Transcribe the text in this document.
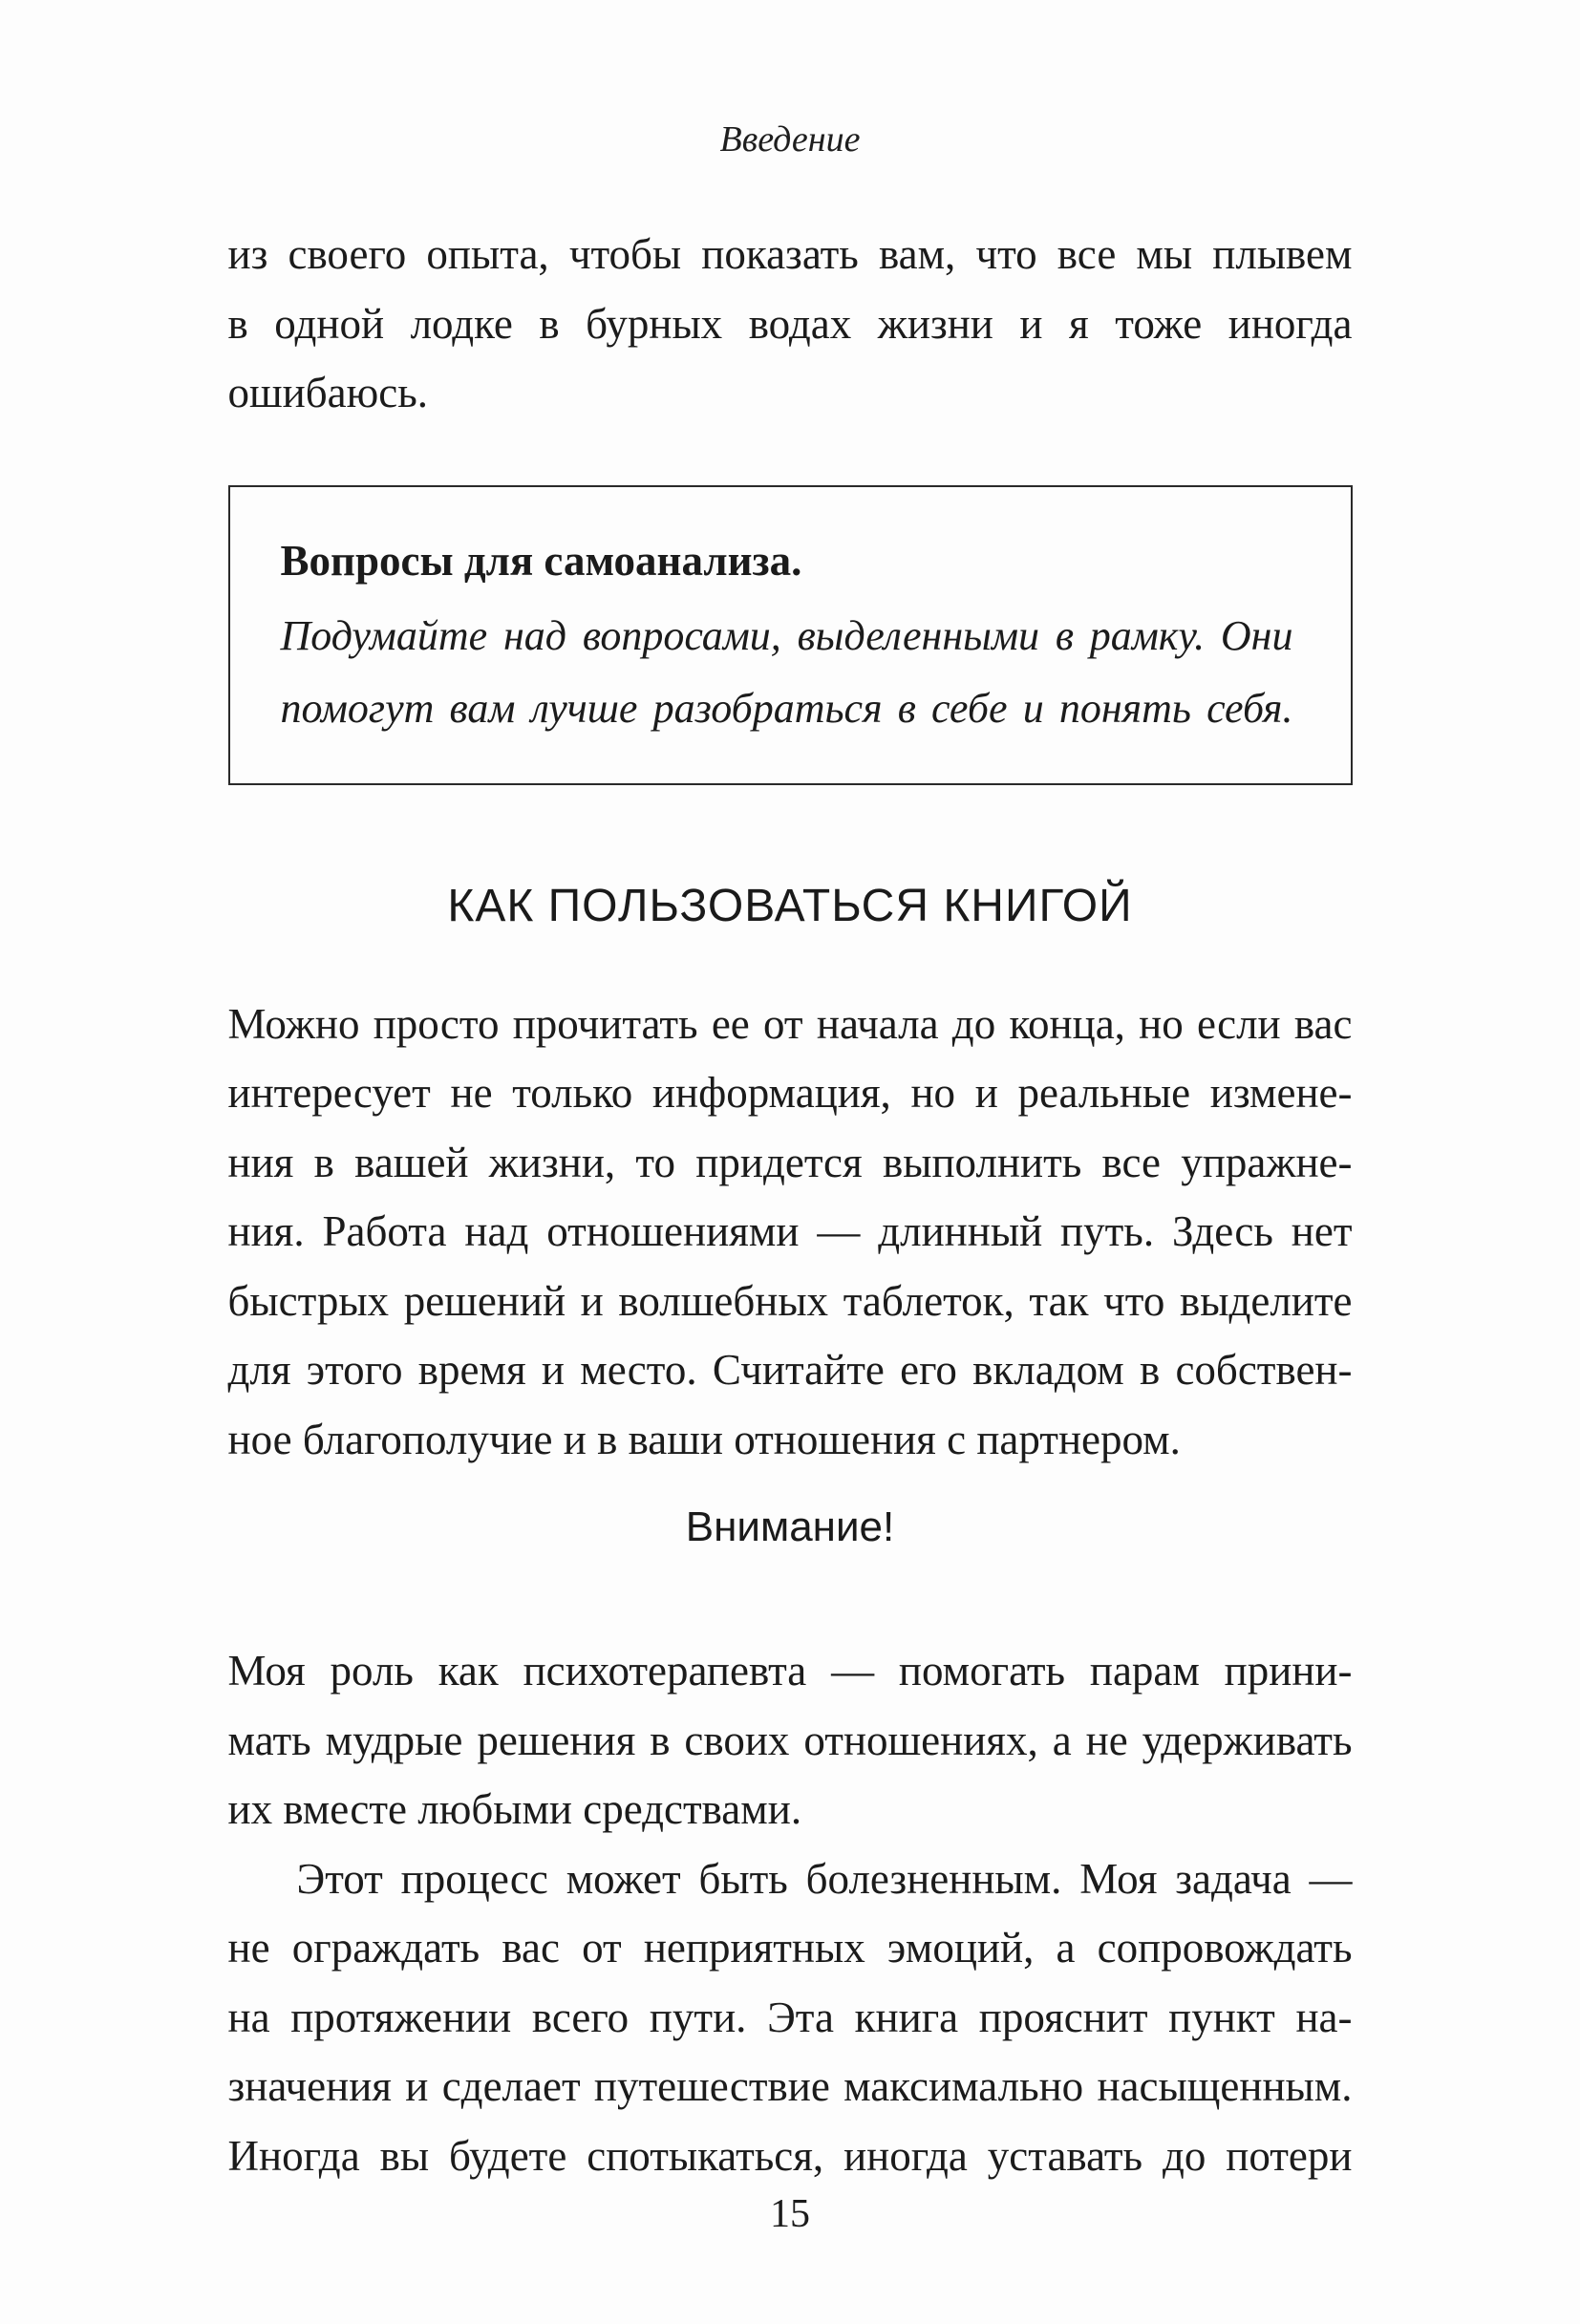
Введение
из своего опыта, чтобы показать вам, что все мы плывем
в одной лодке в бурных водах жизни и я тоже иногда
ошибаюсь.
Вопросы для самоанализа.
Подумайте над вопросами, выделенными в рамку. Они
помогут вам лучше разобраться в себе и понять себя.
КАК ПОЛЬЗОВАТЬСЯ КНИГОЙ
Можно просто прочитать ее от начала до конца, но если вас
интересует не только информация, но и реальные измене-
ния в вашей жизни, то придется выполнить все упражне-
ния. Работа над отношениями — длинный путь. Здесь нет
быстрых решений и волшебных таблеток, так что выделите
для этого время и место. Считайте его вкладом в собствен-
ное благополучие и в ваши отношения с партнером.
Внимание!
Моя роль как психотерапевта — помогать парам прини-
мать мудрые решения в своих отношениях, а не удерживать
их вместе любыми средствами.
Этот процесс может быть болезненным. Моя задача —
не ограждать вас от неприятных эмоций, а сопровождать
на протяжении всего пути. Эта книга прояснит пункт на-
значения и сделает путешествие максимально насыщенным.
Иногда вы будете спотыкаться, иногда уставать до потери
15
